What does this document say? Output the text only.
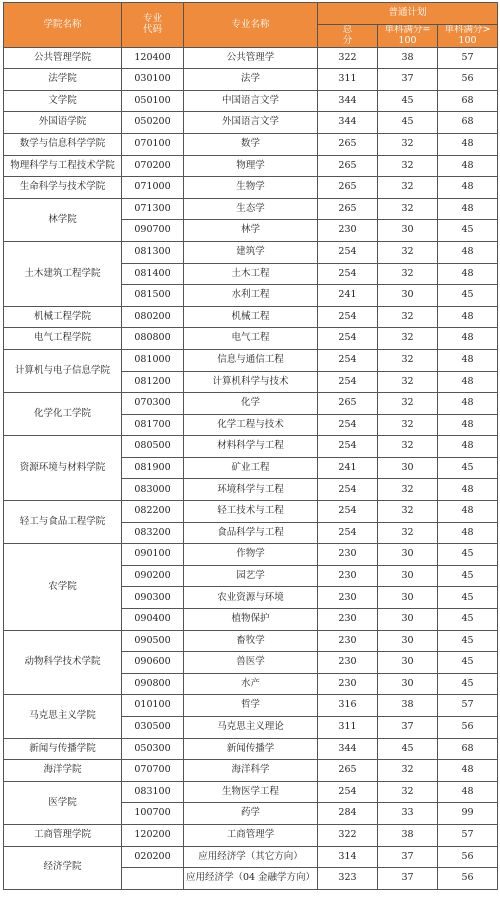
学院名称	专业代码	专业名称	普通计划		
			总分	单科满分=100	单科满分>100
公共管理学院	120400	公共管理学	322	38	57
法学院	030100	法学	311	37	56
文学院	050100	中国语言文学	344	45	68
外国语学院	050200	外国语言文学	344	45	68
数学与信息科学学院	070100	数学	265	32	48
物理科学与工程技术学院	070200	物理学	265	32	48
生命科学与技术学院	071000	生物学	265	32	48
林学院	071300	生态学	265	32	48
	090700	林学	230	30	45
土木建筑工程学院	081300	建筑学	254	32	48
	081400	土木工程	254	32	48
	081500	水利工程	241	30	45
机械工程学院	080200	机械工程	254	32	48
电气工程学院	080800	电气工程	254	32	48
计算机与电子信息学院	081000	信息与通信工程	254	32	48
	081200	计算机科学与技术	254	32	48
化学化工学院	070300	化学	265	32	48
	081700	化学工程与技术	254	32	48
资源环境与材料学院	080500	材料科学与工程	254	32	48
	081900	矿业工程	241	30	45
	083000	环境科学与工程	254	32	48
轻工与食品工程学院	082200	轻工技术与工程	254	32	48
	083200	食品科学与工程	254	32	48
农学院	090100	作物学	230	30	45
	090200	园艺学	230	30	45
	090300	农业资源与环境	230	30	45
	090400	植物保护	230	30	45
动物科学技术学院	090500	畜牧学	230	30	45
	090600	兽医学	230	30	45
	090800	水产	230	30	45
马克思主义学院	010100	哲学	316	38	57
	030500	马克思主义理论	311	37	56
新闻与传播学院	050300	新闻传播学	344	45	68
海洋学院	070700	海洋科学	265	32	48
医学院	083100	生物医学工程	254	32	48
	100700	药学	284	33	99
工商管理学院	120200	工商管理学	322	38	57
经济学院	020200	应用经济学（其它方向）	314	37	56
		应用经济学（04 金融学方向）	323	37	56
